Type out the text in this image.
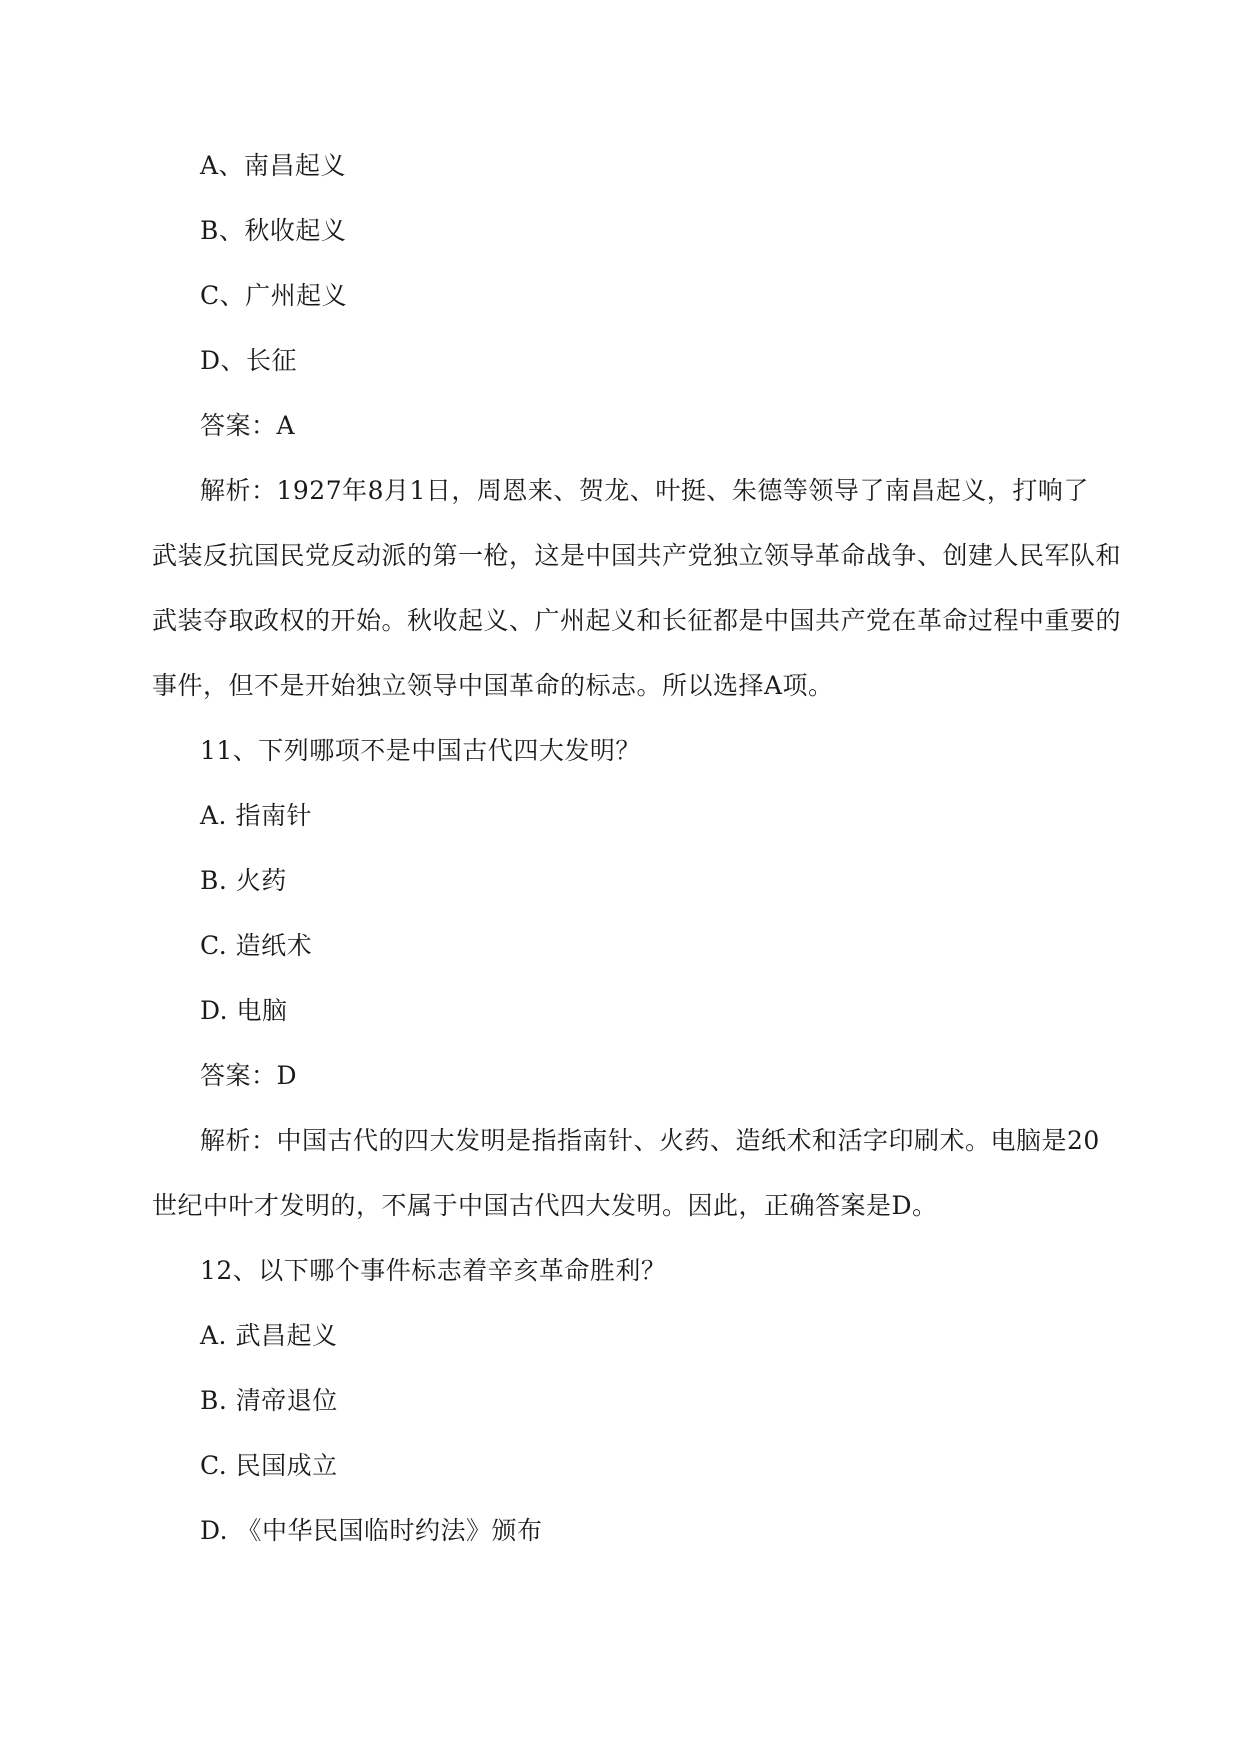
A、南昌起义
B、秋收起义
C、广州起义
D、长征
答案：A
解析：1927年8月1日，周恩来、贺龙、叶挺、朱德等领导了南昌起义，打响了
武装反抗国民党反动派的第一枪，这是中国共产党独立领导革命战争、创建人民军队和
武装夺取政权的开始。秋收起义、广州起义和长征都是中国共产党在革命过程中重要的
事件，但不是开始独立领导中国革命的标志。所以选择A项。
11、下列哪项不是中国古代四大发明？
A. 指南针
B. 火药
C. 造纸术
D. 电脑
答案：D
解析：中国古代的四大发明是指指南针、火药、造纸术和活字印刷术。电脑是20
世纪中叶才发明的，不属于中国古代四大发明。因此，正确答案是D。
12、以下哪个事件标志着辛亥革命胜利？
A. 武昌起义
B. 清帝退位
C. 民国成立
D. 《中华民国临时约法》颁布
